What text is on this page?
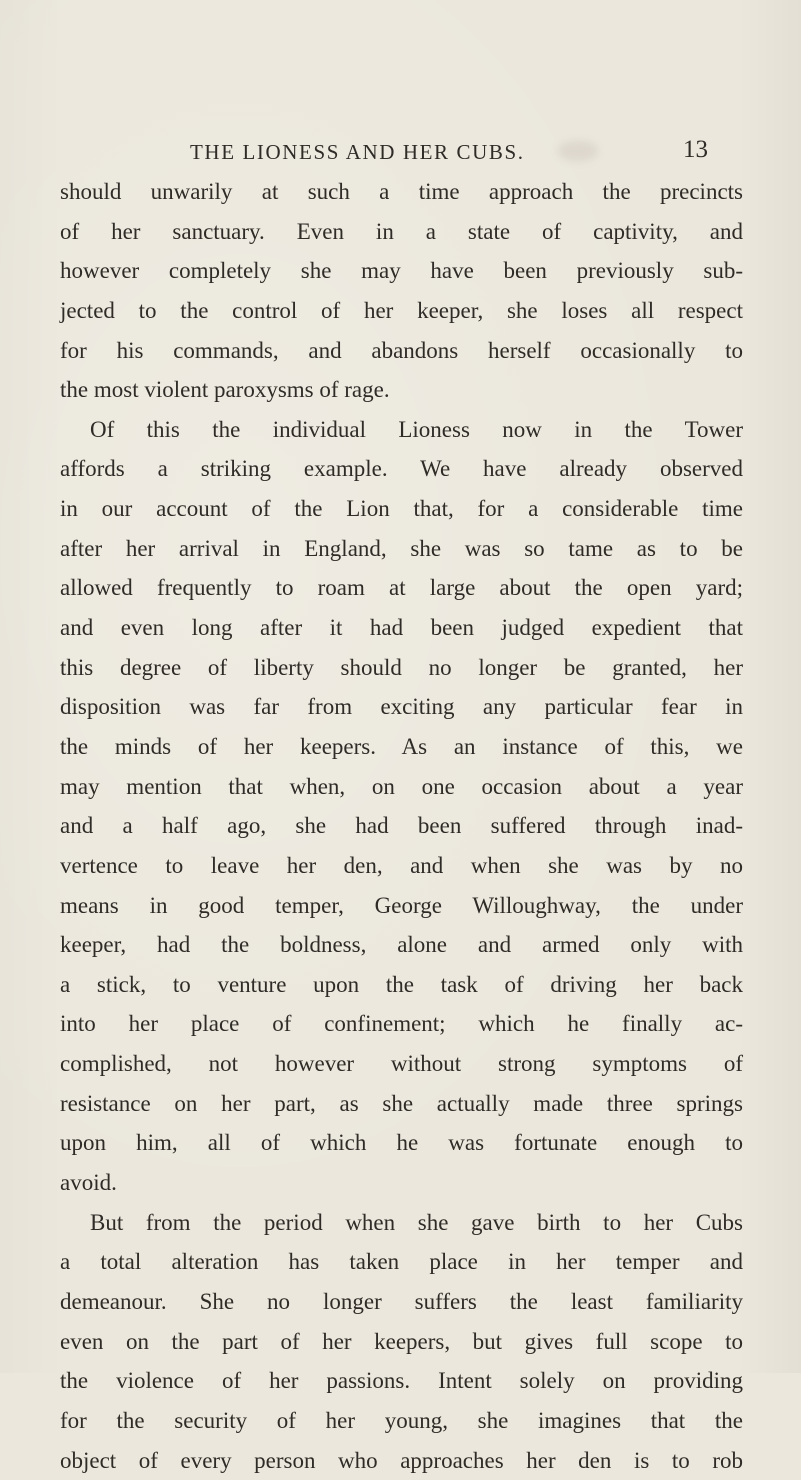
THE LIONESS AND HER CUBS.	13
should unwarily at such a time approach the precincts
of her sanctuary. Even in a state of captivity, and
however completely she may have been previously sub-
jected to the control of her keeper, she loses all respect
for his commands, and abandons herself occasionally to
the most violent paroxysms of rage.
Of this the individual Lioness now in the Tower
affords a striking example. We have already observed
in our account of the Lion that, for a considerable time
after her arrival in England, she was so tame as to be
allowed frequently to roam at large about the open yard;
and even long after it had been judged expedient that
this degree of liberty should no longer be granted, her
disposition was far from exciting any particular fear in
the minds of her keepers. As an instance of this, we
may mention that when, on one occasion about a year
and a half ago, she had been suffered through inad-
vertence to leave her den, and when she was by no
means in good temper, George Willoughway, the under
keeper, had the boldness, alone and armed only with
a stick, to venture upon the task of driving her back
into her place of confinement; which he finally ac-
complished, not however without strong symptoms of
resistance on her part, as she actually made three springs
upon him, all of which he was fortunate enough to
avoid.
But from the period when she gave birth to her Cubs
a total alteration has taken place in her temper and
demeanour. She no longer suffers the least familiarity
even on the part of her keepers, but gives full scope to
the violence of her passions. Intent solely on providing
for the security of her young, she imagines that the
object of every person who approaches her den is to rob
